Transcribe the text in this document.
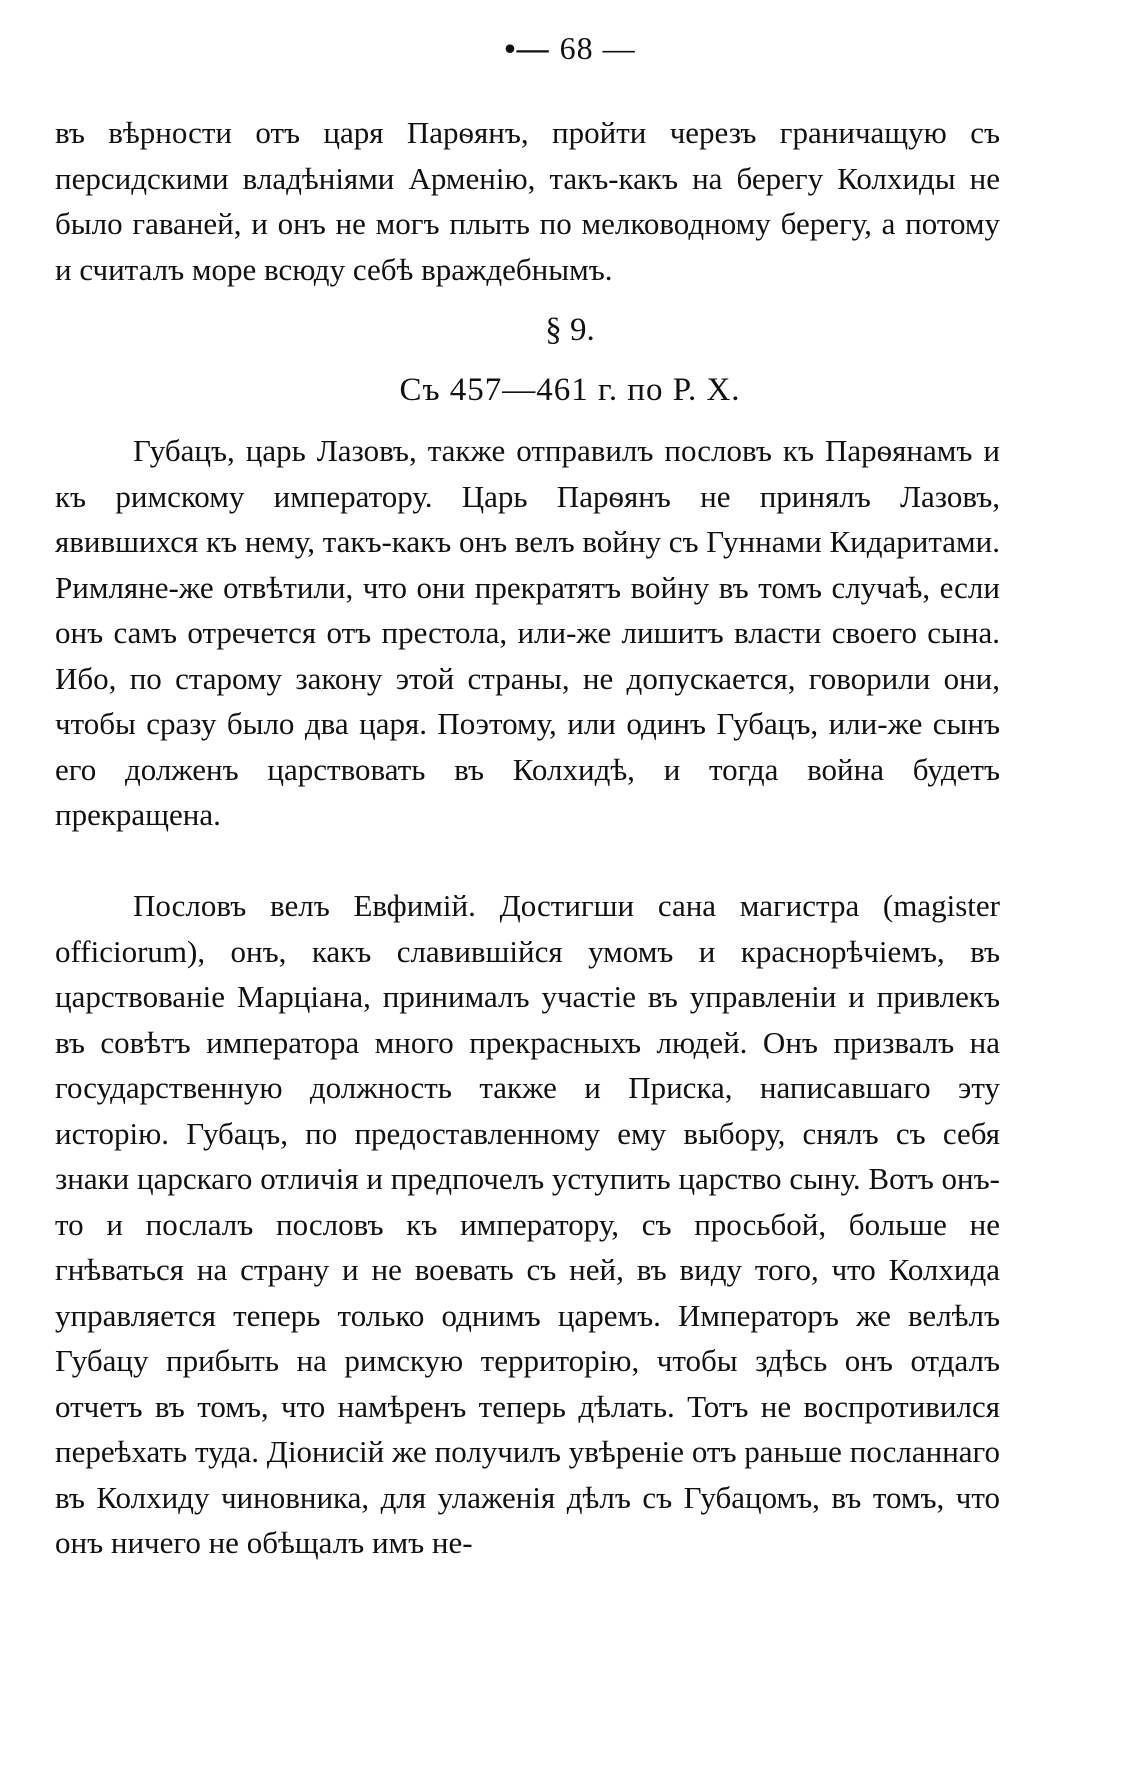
•— 68 —

въ вѣрности отъ царя Парѳянъ, пройти черезъ граничащую съ персидскими владѣніями Арменію, такъ-какъ на берегу Колхиды не было гаваней, и онъ не могъ плыть по мелководному берегу, а потому и считалъ море всюду себѣ враждебнымъ.

§ 9.
Съ 457—461 г. по Р. Х.

Губацъ, царь Лазовъ, также отправилъ пословъ къ Парѳянамъ и къ римскому императору. Царь Парѳянъ не принялъ Лазовъ, явившихся къ нему, такъ-какъ онъ велъ войну съ Гуннами Кидаритами. Римляне-же отвѣтили, что они прекратятъ войну въ томъ случаѣ, если онъ самъ отречется отъ престола, или-же лишитъ власти своего сына. Ибо, по старому закону этой страны, не допускается, говорили они, чтобы сразу было два царя. Поэтому, или одинъ Губацъ, или-же сынъ его долженъ царствовать въ Колхидѣ, и тогда война будетъ прекращена.

Пословъ велъ Евфимій. Достигши сана магистра (magister officiorum), онъ, какъ славившійся умомъ и краснорѣчіемъ, въ царствованіе Марціана, принималъ участіе въ управленіи и привлекъ въ совѣтъ императора много прекрасныхъ людей. Онъ призвалъ на государственную должность также и Приска, написавшаго эту исторію. Губацъ, по предоставленному ему выбору, снялъ съ себя знаки царскаго отличія и предпочелъ уступить царство сыну. Вотъ онъ-то и послалъ пословъ къ императору, съ просьбой, больше не гнѣваться на страну и не воевать съ ней, въ виду того, что Колхида управляется теперь только однимъ царемъ. Императоръ же велѣлъ Губацу прибыть на римскую территорію, чтобы здѣсь онъ отдалъ отчетъ въ томъ, что намѣренъ теперь дѣлать. Тотъ не воспротивился переѣхать туда. Діонисій же получилъ увѣреніе отъ раньше посланнаго въ Колхиду чиновника, для улаженія дѣлъ съ Губацомъ, въ томъ, что онъ ничего не обѣщалъ имъ не-
